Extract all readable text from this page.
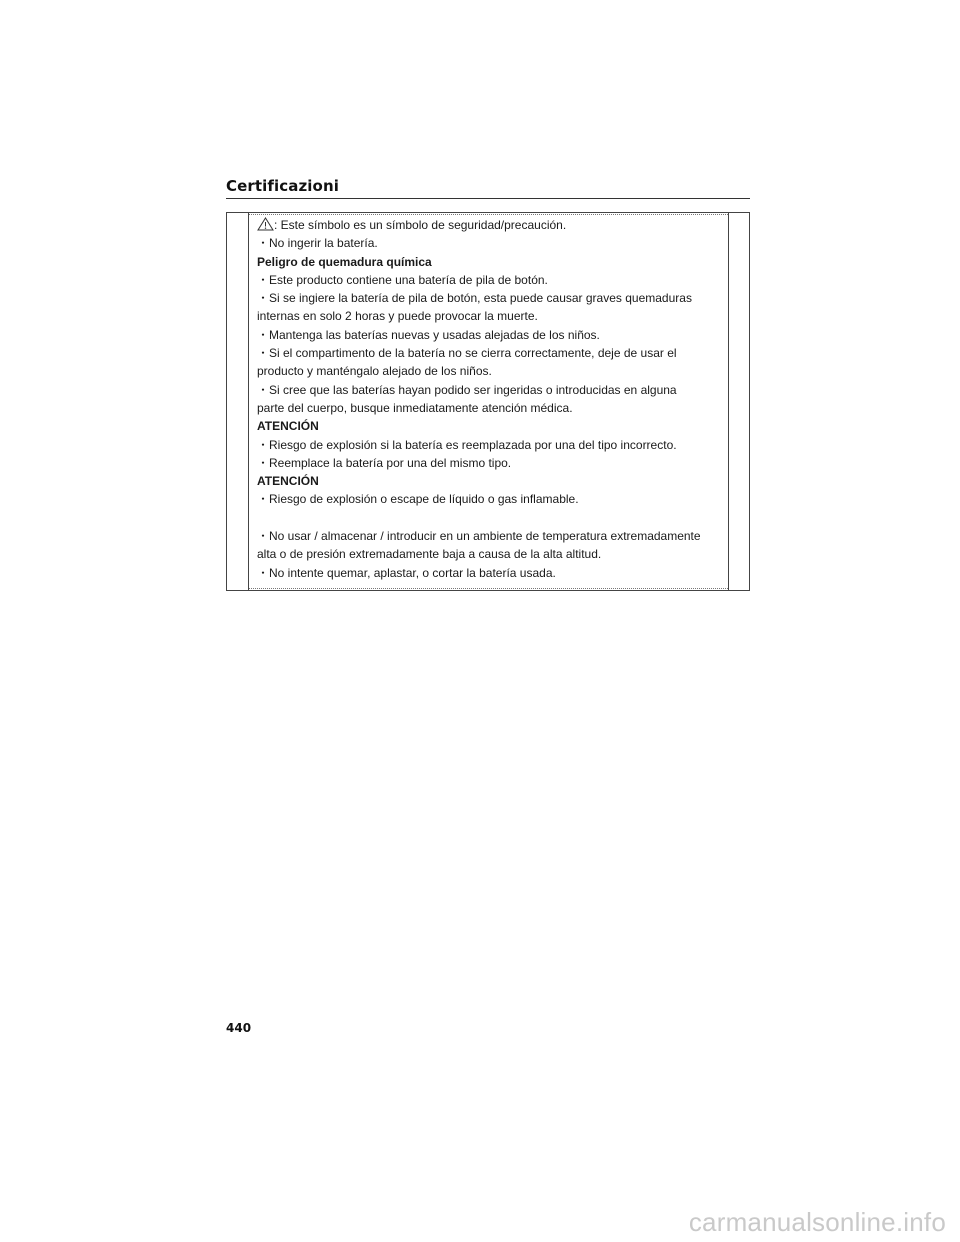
Certificazioni
: Este símbolo es un símbolo de seguridad/precaución.
・No ingerir la batería.
Peligro de quemadura química
・Este producto contiene una batería de pila de botón.
・Si se ingiere la batería de pila de botón, esta puede causar graves quemaduras
internas en solo 2 horas y puede provocar la muerte.
・Mantenga las baterías nuevas y usadas alejadas de los niños.
・Si el compartimento de la batería no se cierra correctamente, deje de usar el
producto y manténgalo alejado de los niños.
・Si cree que las baterías hayan podido ser ingeridas o introducidas en alguna
parte del cuerpo, busque inmediatamente atención médica.
ATENCIÓN
・Riesgo de explosión si la batería es reemplazada por una del tipo incorrecto.
・Reemplace la batería por una del mismo tipo.
ATENCIÓN
・Riesgo de explosión o escape de líquido o gas inflamable.
・No usar / almacenar / introducir en un ambiente de temperatura extremadamente
alta o de presión extremadamente baja a causa de la alta altitud.
・No intente quemar, aplastar, o cortar la batería usada.
440
carmanualsonline.info
